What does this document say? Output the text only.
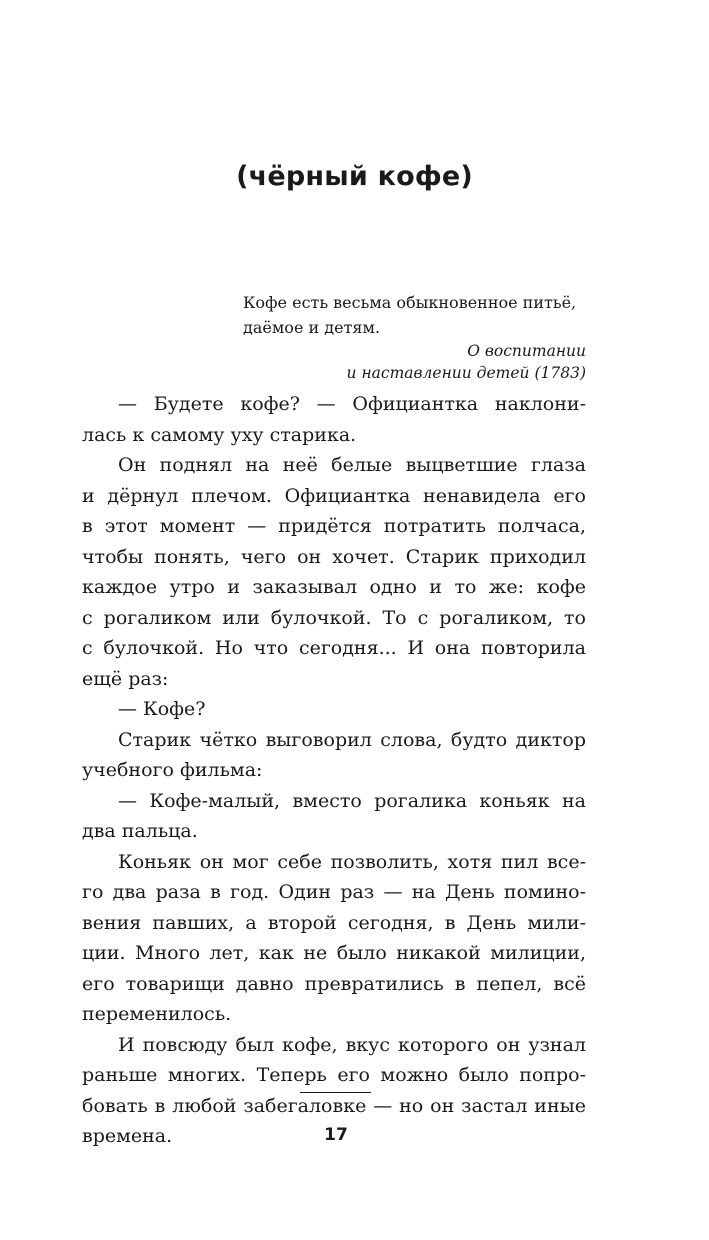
(чёрный кофе)

Кофе есть весьма обыкновенное питьё,
даёмое и детям.

О воспитании
и наставлении детей (1783)

— Будете кофе? — Официантка наклони-
лась к самому уху старика.
Он поднял на неё белые выцветшие глаза
и дёрнул плечом. Официантка ненавидела его
в этот момент — придётся потратить полчаса,
чтобы понять, чего он хочет. Старик приходил
каждое утро и заказывал одно и то же: кофе
с рогаликом или булочкой. То с рогаликом, то
с булочкой. Но что сегодня... И она повторила
ещё раз:
— Кофе?
Старик чётко выговорил слова, будто диктор
учебного фильма:
— Кофе-малый, вместо рогалика коньяк на
два пальца.
Коньяк он мог себе позволить, хотя пил все-
го два раза в год. Один раз — на День помино-
вения павших, а второй сегодня, в День мили-
ции. Много лет, как не было никакой милиции,
его товарищи давно превратились в пепел, всё
переменилось.
И повсюду был кофе, вкус которого он узнал
раньше многих. Теперь его можно было попро-
бовать в любой забегаловке — но он застал иные
времена.	17
